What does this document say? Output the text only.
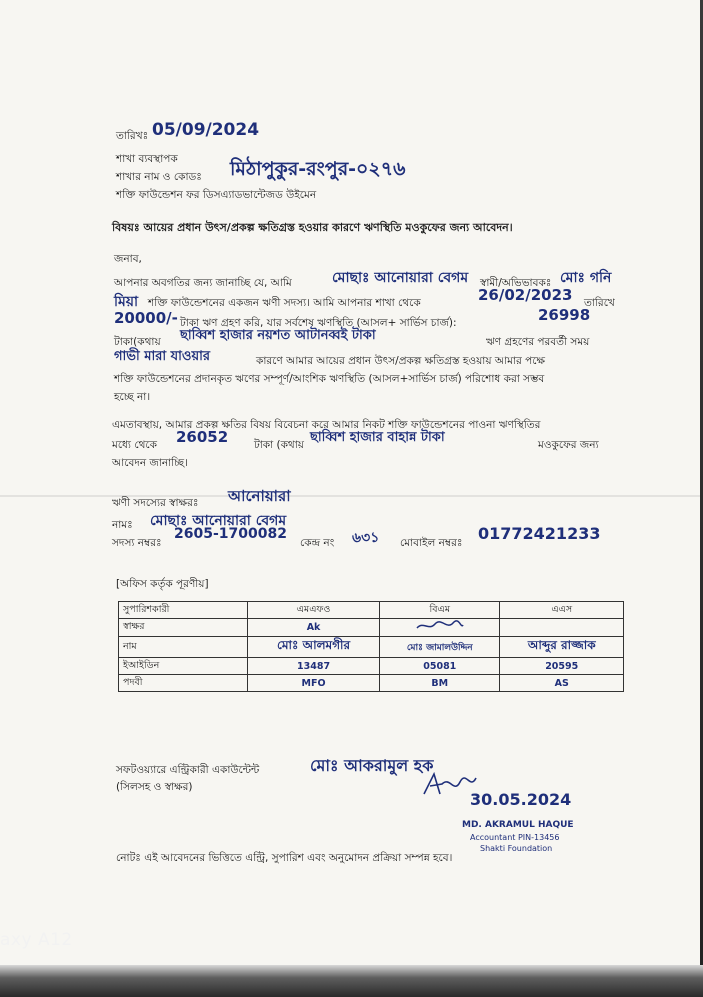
তারিখঃ 05/09/2024
শাখা ব্যবস্থাপক
শাখার নাম ও কোডঃ মিঠাপুকুর-রংপুর-০২৭৬
শক্তি ফাউন্ডেশন ফর ডিসএ্যাডভান্টেজড উইমেন
বিষয়ঃ আয়ের প্রধান উৎস/প্রকল্প ক্ষতিগ্রস্ত হওয়ার কারণে ঋণস্থিতি মওকুফের জন্য আবেদন।
জনাব,
আপনার অবগতির জন্য জানাচ্ছি যে, আমি	মোছাঃ আনোয়ারা বেগম স্বামী/অভিভাবকঃ মোঃ গনি
মিয়া শক্তি ফাউন্ডেশনের একজন ঋণী সদস্য। আমি আপনার শাখা থেকে	26/02/2023 তারিখে
20000/- টাকা ঋণ গ্রহণ করি, যার সর্বশেষ ঋণস্থিতি (আসল+ সার্ভিস চার্জ):	26998
টাকা(কথায় ছাব্বিশ হাজার নয়শত আটানব্বই টাকা	ঋণ গ্রহণের পরবর্তী সময়
গাভী মারা যাওয়ার	কারণে আমার আয়ের প্রধান উৎস/প্রকল্প ক্ষতিগ্রস্ত হওয়ায় আমার পক্ষে
শক্তি ফাউন্ডেশনের প্রদানকৃত ঋণের সম্পূর্ণ/আংশিক ঋণস্থিতি (আসল+সার্ভিস চার্জ) পরিশোধ করা সম্ভব
হচ্ছে না।
এমতাবস্থায়, আমার প্রকল্প ক্ষতির বিষয় বিবেচনা করে আমার নিকট শক্তি ফাউন্ডেশনের পাওনা ঋণস্থিতির
মধ্যে থেকে 26052 টাকা (কথায় ছাব্বিশ হাজার বাহান্ন টাকা	মওকুফের জন্য
আবেদন জানাচ্ছি।
ঋণী সদস্যের স্বাক্ষরঃ আনোয়ারা
নামঃ মোছাঃ আনোয়ারা বেগম
সদস্য নম্বরঃ
2605-1700082
কেন্দ্র নং ৬৩১ মোবাইল নম্বরঃ 01772421233
[অফিস কর্তৃক পূরণীয়]
সুপারিশকারী	এমএফও	বিএম	এএস
স্বাক্ষর	Ak		
নাম	মোঃ আলমগীর	মোঃ জামালউদ্দিন	আব্দুর রাজ্জাক
ইআইডিন	13487	05081	20595
পদবী	MFO	BM	AS
সফটওয়্যারে এন্ট্রিকারী একাউন্টেন্ট
(সিলসহ ও স্বাক্ষর)
মোঃ আকরামুল হক
30.05.2024
MD. AKRAMUL HAQUE
Accountant PIN-13456
Shakti Foundation
নোটঃ এই আবেদনের ভিত্তিতে এন্ট্রি, সুপারিশ এবং অনুমোদন প্রক্রিয়া সম্পন্ন হবে।
axy A12
